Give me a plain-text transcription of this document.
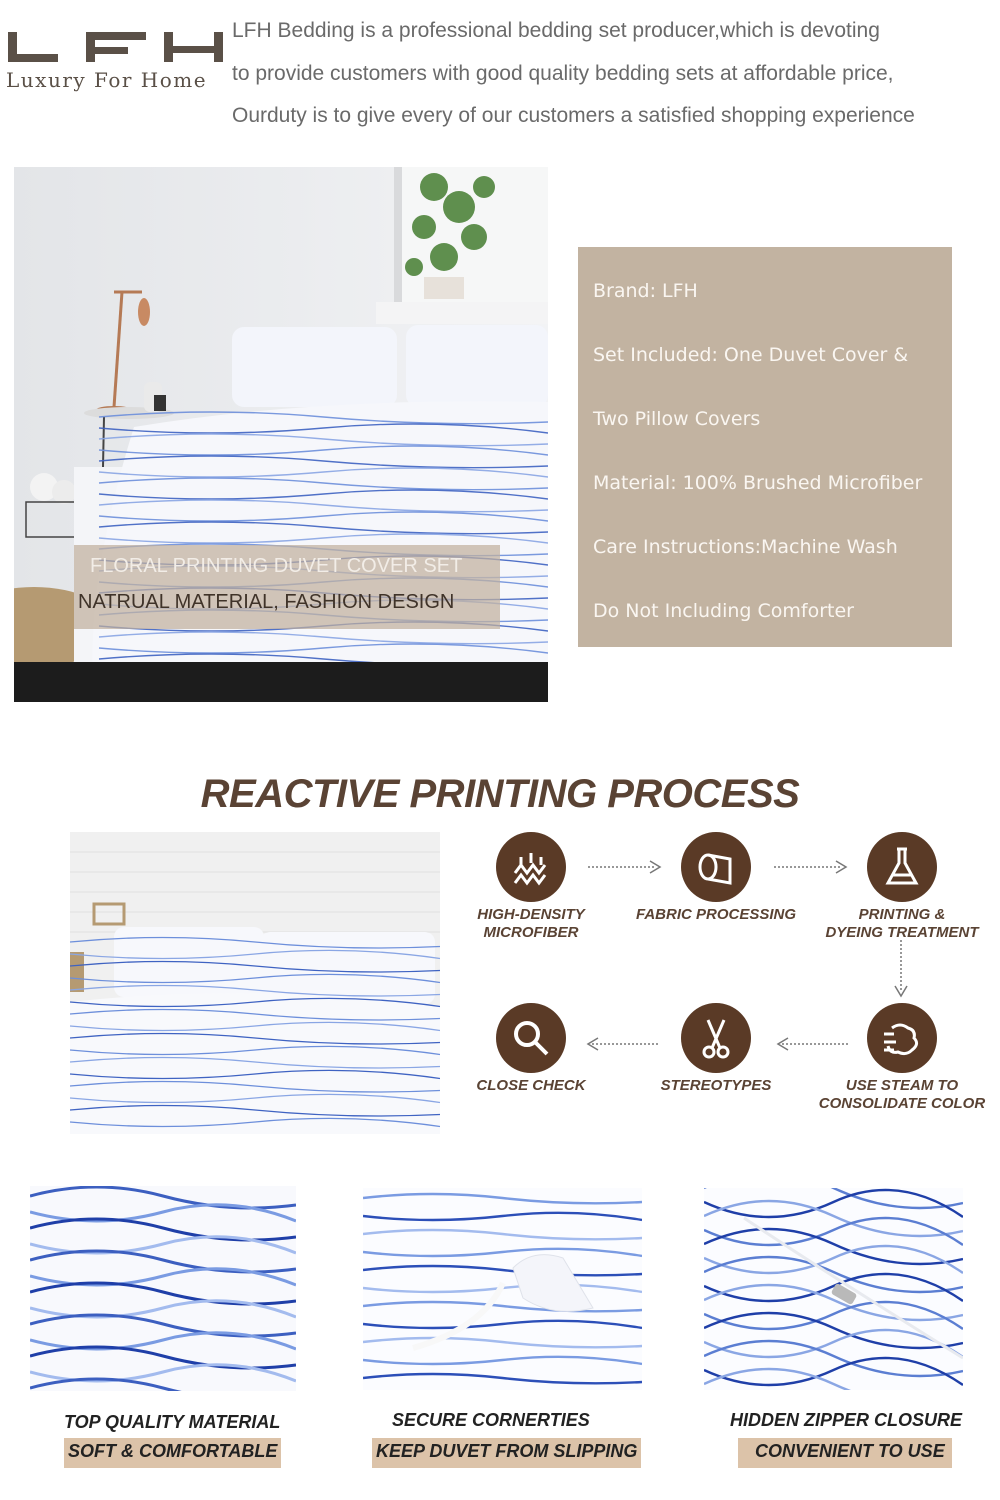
Luxury For Home
LFH Bedding is a professional bedding set producer,which is devoting
to provide customers with good quality bedding sets at affordable price,
Ourduty is to give every of our customers a satisfied shopping experience
FLORAL PRINTING DUVET COVER SET
NATRUAL MATERIAL, FASHION DESIGN
Brand: LFH
Set Included: One Duvet Cover &
Two Pillow Covers
Material: 100% Brushed Microfiber
Care Instructions:Machine Wash
Do Not Including Comforter
REACTIVE PRINTING PROCESS
HIGH-DENSITY
MICROFIBER
FABRIC PROCESSING	PRINTING &
DYEING TREATMENT
CLOSE CHECK	STEREOTYPES	USE STEAM TO
CONSOLIDATE COLOR
TOP QUALITY MATERIAL
SOFT & COMFORTABLE
SECURE CORNERTIES
KEEP DUVET FROM SLIPPING
HIDDEN ZIPPER CLOSURE
CONVENIENT TO USE
